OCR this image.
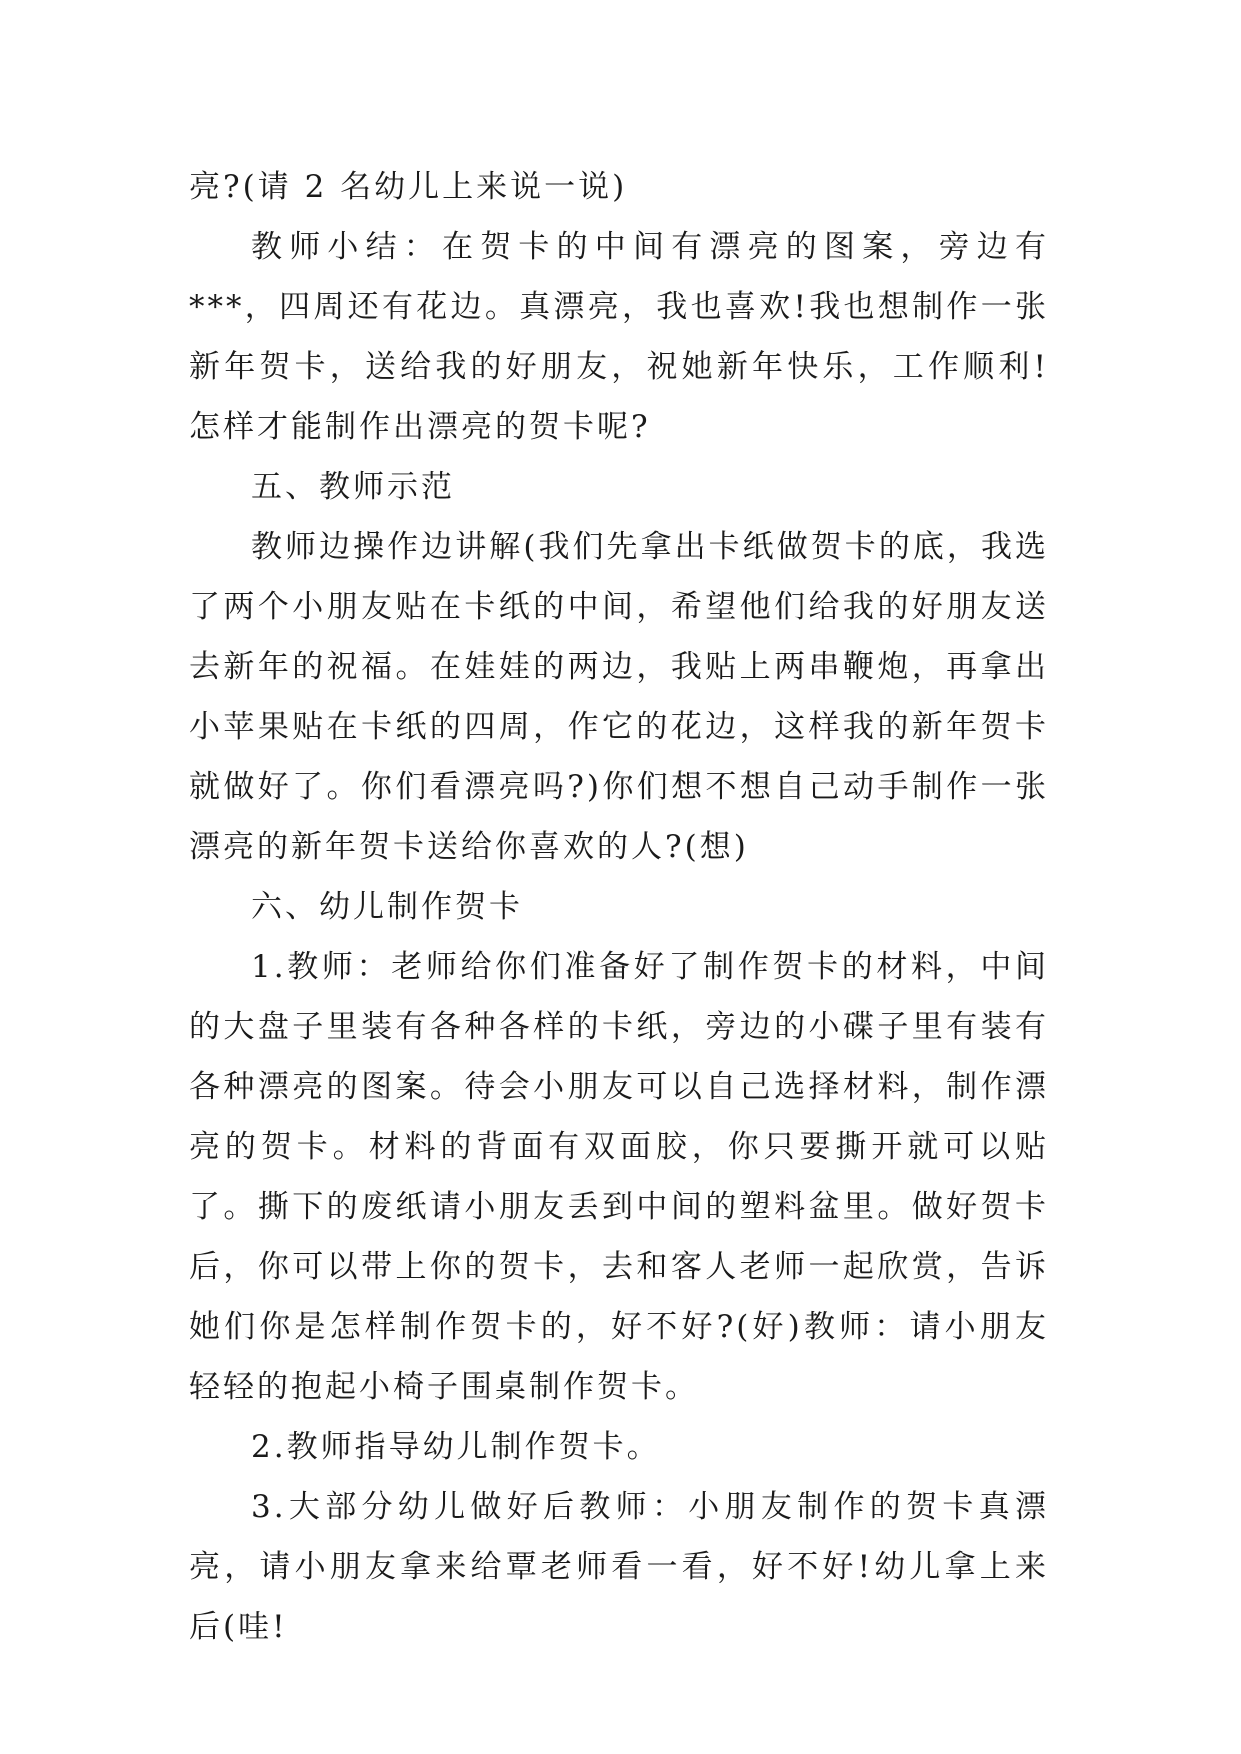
亮?(请 2 名幼儿上来说一说)

教师小结：在贺卡的中间有漂亮的图案，旁边有***，四周还有花边。真漂亮，我也喜欢!我也想制作一张新年贺卡，送给我的好朋友，祝她新年快乐，工作顺利!怎样才能制作出漂亮的贺卡呢?

五、教师示范

教师边操作边讲解(我们先拿出卡纸做贺卡的底，我选了两个小朋友贴在卡纸的中间，希望他们给我的好朋友送去新年的祝福。在娃娃的两边，我贴上两串鞭炮，再拿出小苹果贴在卡纸的四周，作它的花边，这样我的新年贺卡就做好了。你们看漂亮吗?)你们想不想自己动手制作一张漂亮的新年贺卡送给你喜欢的人?(想)

六、幼儿制作贺卡

1.教师：老师给你们准备好了制作贺卡的材料，中间的大盘子里装有各种各样的卡纸，旁边的小碟子里有装有各种漂亮的图案。待会小朋友可以自己选择材料，制作漂亮的贺卡。材料的背面有双面胶，你只要撕开就可以贴了。撕下的废纸请小朋友丢到中间的塑料盆里。做好贺卡后，你可以带上你的贺卡，去和客人老师一起欣赏，告诉她们你是怎样制作贺卡的，好不好?(好)教师：请小朋友轻轻的抱起小椅子围桌制作贺卡。

2.教师指导幼儿制作贺卡。

3.大部分幼儿做好后教师：小朋友制作的贺卡真漂亮，请小朋友拿来给覃老师看一看，好不好!幼儿拿上来后(哇!
